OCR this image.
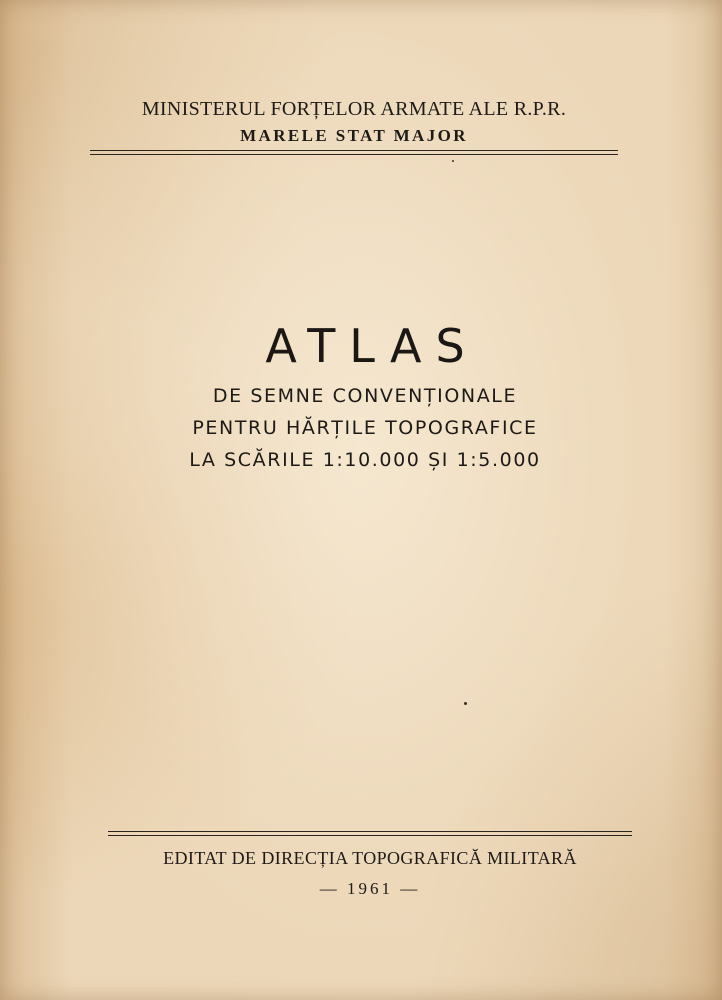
MINISTERUL FORȚELOR ARMATE ALE R.P.R.
MARELE STAT MAJOR
ATLAS
DE SEMNE CONVENȚIONALE
PENTRU HĂRȚILE TOPOGRAFICE
LA SCĂRILE 1:10.000 ȘI 1:5.000
EDITAT DE DIRECȚIA TOPOGRAFICĂ MILITARĂ
— 1961 —
